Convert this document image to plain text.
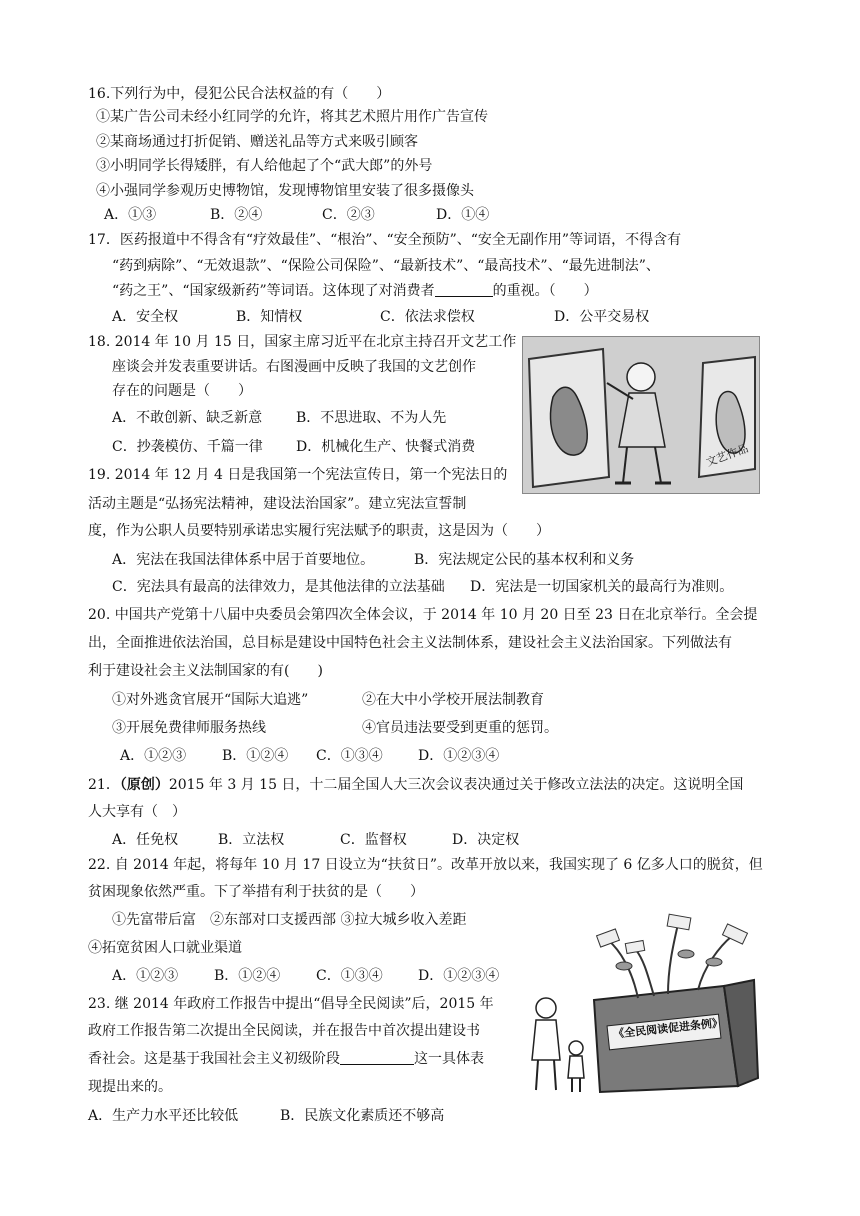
16.下列行为中，侵犯公民合法权益的有（　　）
①某广告公司未经小红同学的允许，将其艺术照片用作广告宣传
②某商场通过打折促销、赠送礼品等方式来吸引顾客
③小明同学长得矮胖，有人给他起了个“武大郎”的外号
④小强同学参观历史博物馆，发现博物馆里安装了很多摄像头
A．①③	B．②④	C．②③	D．①④
17．医药报道中不得含有“疗效最佳”、“根治”、“安全预防”、“安全无副作用”等词语，不得含有
“药到病除”、“无效退款”、“保险公司保险”、“最新技术”、“最高技术”、“最先进制法”、
“药之王”、“国家级新药”等词语。这体现了对消费者	的重视。（　　）
A．安全权	B．知情权	C．依法求偿权	D．公平交易权
18. 2014 年 10 月 15 日，国家主席习近平在北京主持召开文艺工作
座谈会并发表重要讲话。右图漫画中反映了我国的文艺创作
存在的问题是（　　）
A．不敢创新、缺乏新意 B．不思进取、不为人先
C．抄袭模仿、千篇一律 D．机械化生产、快餐式消费	文艺作品
19. 2014 年 12 月 4 日是我国第一个宪法宣传日，第一个宪法日的
活动主题是“弘扬宪法精神，建设法治国家”。建立宪法宣誓制
度，作为公职人员要特别承诺忠实履行宪法赋予的职责，这是因为（　　）
A．宪法在我国法律体系中居于首要地位。	B．宪法规定公民的基本权利和义务
C．宪法具有最高的法律效力，是其他法律的立法基础 D．宪法是一切国家机关的最高行为准则。
20. 中国共产党第十八届中央委员会第四次全体会议，于 2014 年 10 月 20 日至 23 日在北京举行。全会提
出，全面推进依法治国，总目标是建设中国特色社会主义法制体系，建设社会主义法治国家。下列做法有
利于建设社会主义法制国家的有(　　)
①对外逃贪官展开“国际大追逃”	②在大中小学校开展法制教育
③开展免费律师服务热线	④官员违法要受到更重的惩罚。
A．①②③	B．①②④ C．①③④	D．①②③④
21．（原创）2015 年 3 月 15 日，十二届全国人大三次会议表决通过关于修改立法法的决定。这说明全国
人大享有（　）
A．任免权	B．立法权	C．监督权	D．决定权
22. 自 2014 年起，将每年 10 月 17 日设立为“扶贫日”。改革开放以来，我国实现了 6 亿多人口的脱贫，但
贫困现象依然严重。下了举措有利于扶贫的是（　　）
①先富带后富　②东部对口支援西部 ③拉大城乡收入差距
④拓宽贫困人口就业渠道
A．①②③	B．①②④	C．①③④	D．①②③④
《全民阅读促进条例》
23. 继 2014 年政府工作报告中提出“倡导全民阅读”后，2015 年
政府工作报告第二次提出全民阅读，并在报告中首次提出建设书
香社会。这是基于我国社会主义初级阶段	这一具体表
现提出来的。
A．生产力水平还比较低	B．民族文化素质还不够高
